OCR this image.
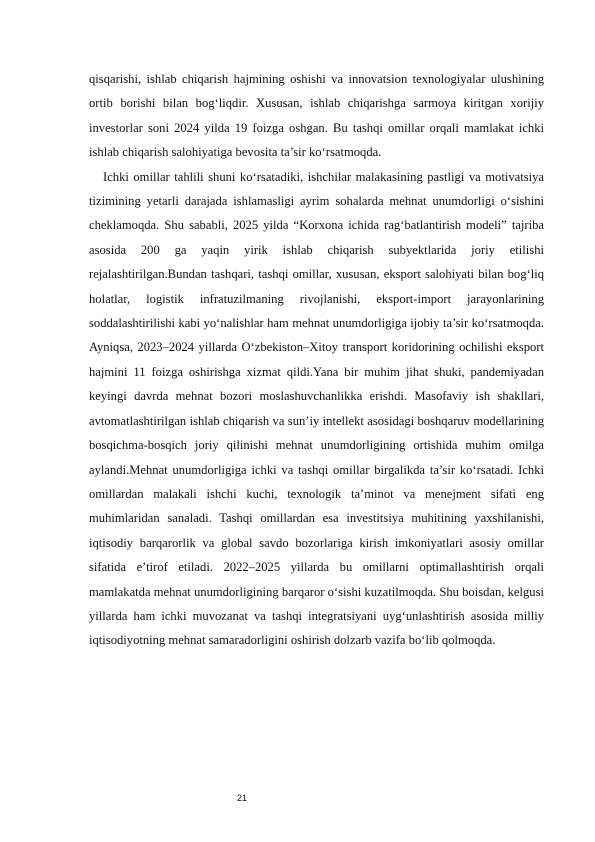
qisqarishi, ishlab chiqarish hajmining oshishi va innovatsion texnologiyalar ulushining ortib borishi bilan bog‘liqdir. Xususan, ishlab chiqarishga sarmoya kiritgan xorijiy investorlar soni 2024 yilda 19 foizga oshgan. Bu tashqi omillar orqali mamlakat ichki ishlab chiqarish salohiyatiga bevosita ta’sir ko‘rsatmoqda.

Ichki omillar tahlili shuni ko‘rsatadiki, ishchilar malakasining pastligi va motivatsiya tizimining yetarli darajada ishlamasligi ayrim sohalarda mehnat unumdorligi o‘sishini cheklamoqda. Shu sababli, 2025 yilda “Korxona ichida rag‘batlantirish modeli” tajriba asosida 200 ga yaqin yirik ishlab chiqarish subyektlarida joriy etilishi rejalashtirilgan.Bundan tashqari, tashqi omillar, xususan, eksport salohiyati bilan bog‘liq holatlar, logistik infratuzilmaning rivojlanishi, eksport-import jarayonlarining soddalashtirilishi kabi yo‘nalishlar ham mehnat unumdorligiga ijobiy ta’sir ko‘rsatmoqda. Ayniqsa, 2023–2024 yillarda O‘zbekiston–Xitoy transport koridorining ochilishi eksport hajmini 11 foizga oshirishga xizmat qildi.Yana bir muhim jihat shuki, pandemiyadan keyingi davrda mehnat bozori moslashuvchanlikka erishdi. Masofaviy ish shakllari, avtomatlashtirilgan ishlab chiqarish va sun’iy intellekt asosidagi boshqaruv modellarining bosqichma-bosqich joriy qilinishi mehnat unumdorligining ortishida muhim omilga aylandi.Mehnat unumdorligiga ichki va tashqi omillar birgalikda ta’sir ko‘rsatadi. Ichki omillardan malakali ishchi kuchi, texnologik ta’minot va menejment sifati eng muhimlaridan sanaladi. Tashqi omillardan esa investitsiya muhitining yaxshilanishi, iqtisodiy barqarorlik va global savdo bozorlariga kirish imkoniyatlari asosiy omillar sifatida e’tirof etiladi. 2022–2025 yillarda bu omillarni optimallashtirish orqali mamlakatda mehnat unumdorligining barqaror o‘sishi kuzatilmoqda. Shu boisdan, kelgusi yillarda ham ichki muvozanat va tashqi integratsiyani uyg‘unlashtirish asosida milliy iqtisodiyotning mehnat samaradorligini oshirish dolzarb vazifa bo‘lib qolmoqda.

21
